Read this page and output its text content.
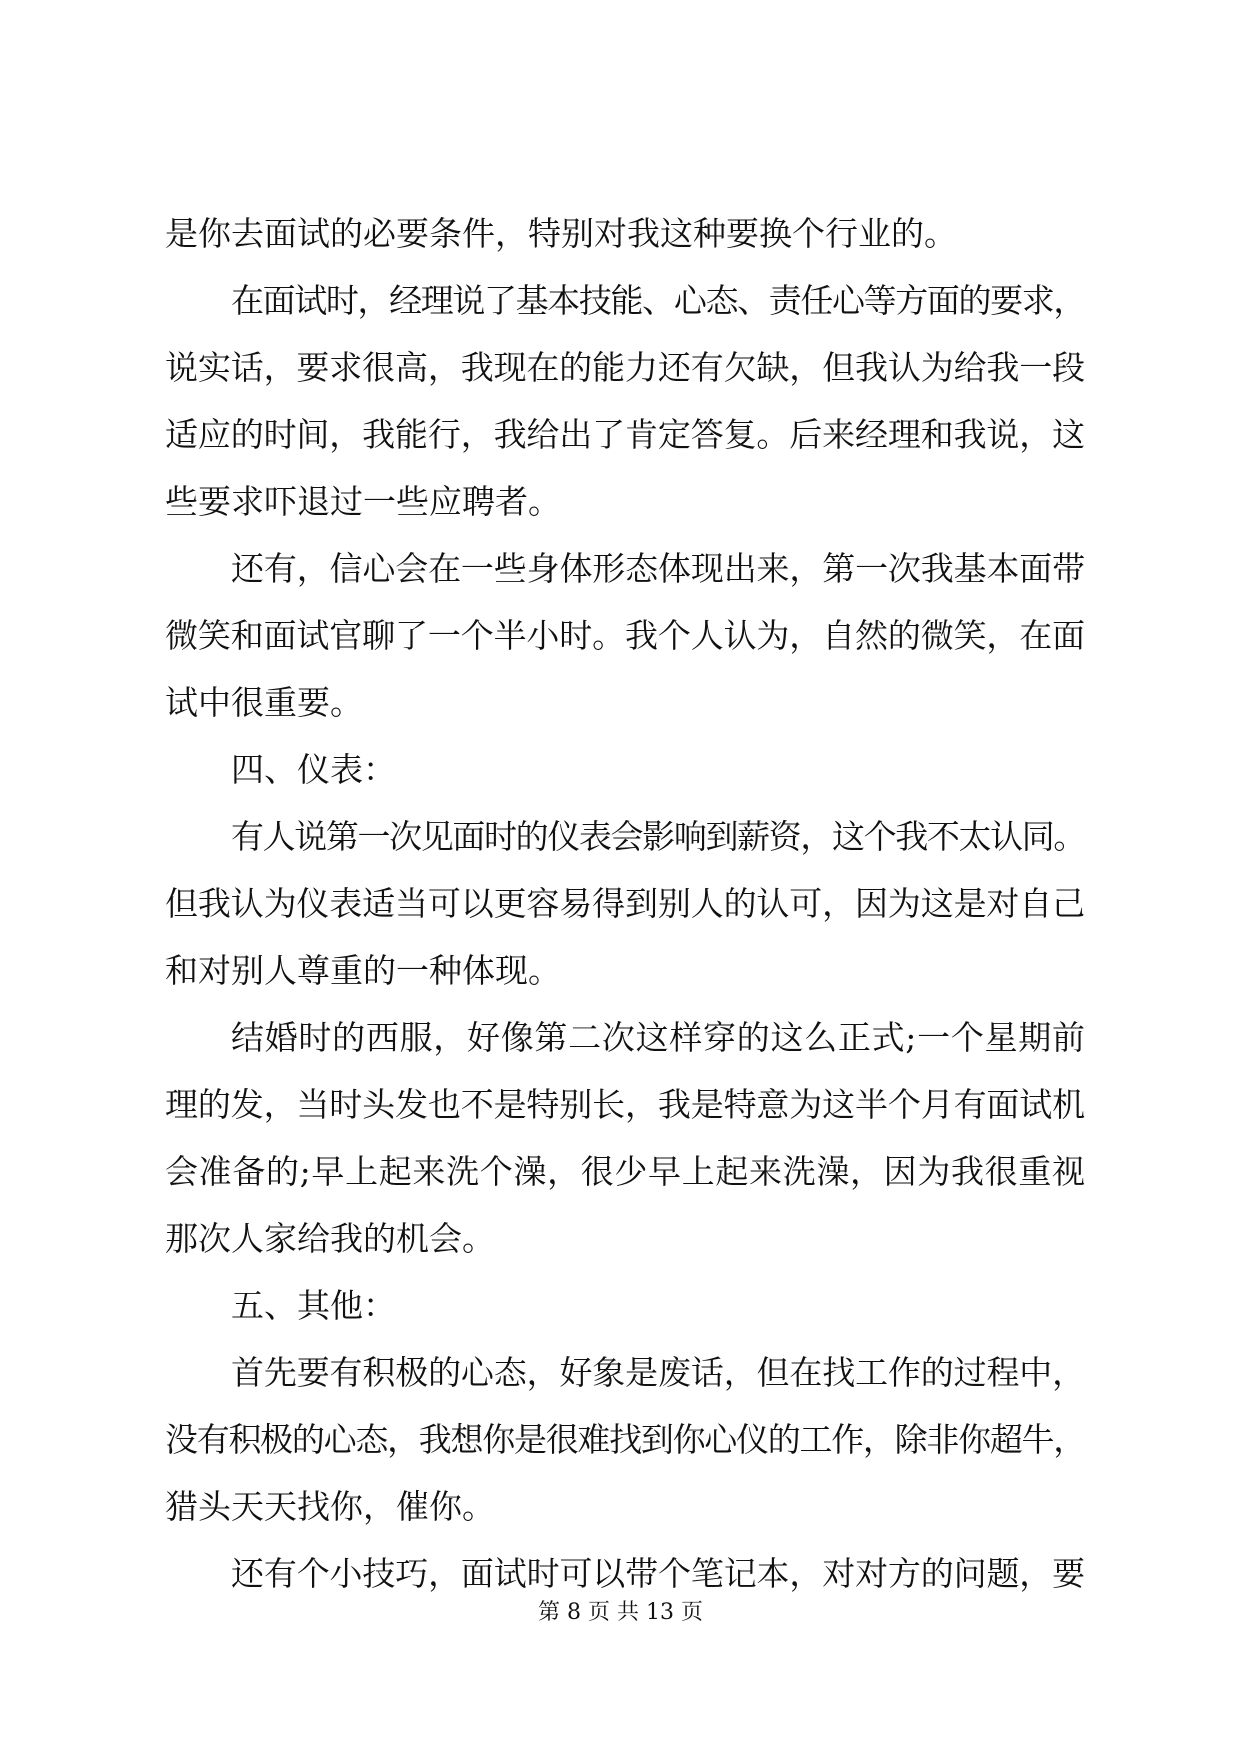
是你去面试的必要条件，特别对我这种要换个行业的。
在面试时，经理说了基本技能、心态、责任心等方面的要求，
说实话，要求很高，我现在的能力还有欠缺，但我认为给我一段
适应的时间，我能行，我给出了肯定答复。后来经理和我说，这
些要求吓退过一些应聘者。
还有，信心会在一些身体形态体现出来，第一次我基本面带
微笑和面试官聊了一个半小时。我个人认为，自然的微笑，在面
试中很重要。
四、仪表：
有人说第一次见面时的仪表会影响到薪资，这个我不太认同。
但我认为仪表适当可以更容易得到别人的认可，因为这是对自己
和对别人尊重的一种体现。
结婚时的西服，好像第二次这样穿的这么正式;一个星期前
理的发，当时头发也不是特别长，我是特意为这半个月有面试机
会准备的;早上起来洗个澡，很少早上起来洗澡，因为我很重视
那次人家给我的机会。
五、其他：
首先要有积极的心态，好象是废话，但在找工作的过程中，
没有积极的心态，我想你是很难找到你心仪的工作，除非你超牛，
猎头天天找你，催你。
还有个小技巧，面试时可以带个笔记本，对对方的问题，要
第 8 页 共 13 页
